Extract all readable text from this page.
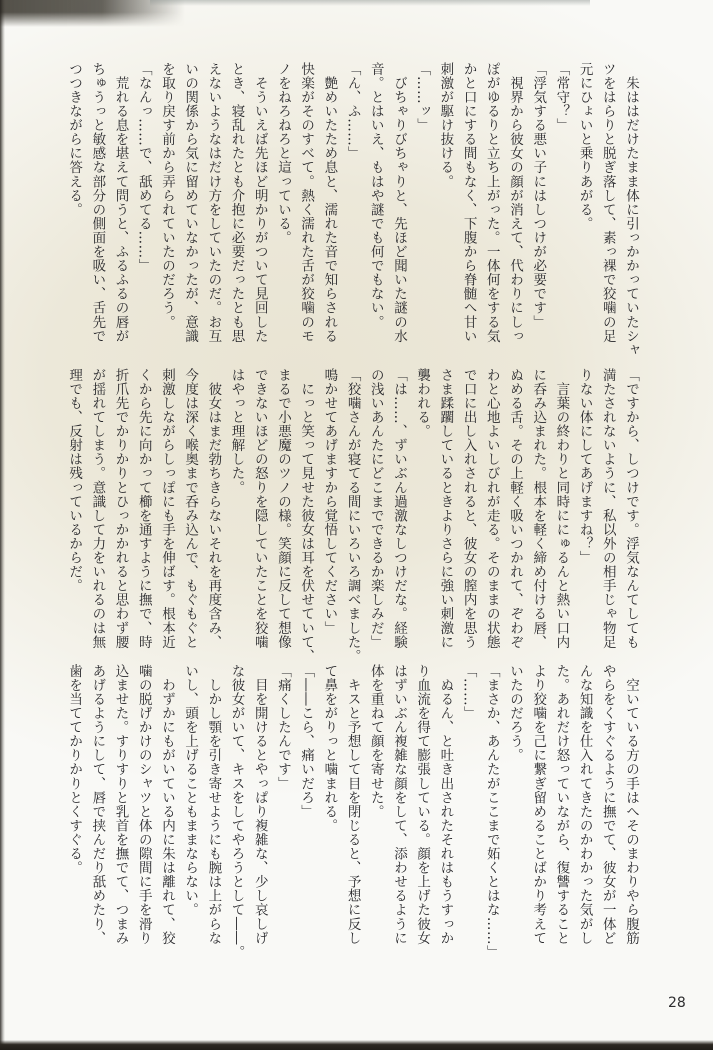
　朱ははだけたまま体に引っかかっていたシャ
ツをはらりと脱ぎ落して、素っ裸で狡噛の足
元にひょいと乗りあがる。
「常守？」
「浮気する悪い子にはしつけが必要です」
　視界から彼女の顔が消えて、代わりにしっ
ぽがゆるりと立ち上がった。一体何をする気
かと口にする間もなく、下腹から脊髄へ甘い
刺激が駆け抜ける。
「……ッ」
　びちゃりびちゃりと、先ほど聞いた謎の水
音。とはいえ、もはや謎でも何でもない。
「ん、ふ……」
　艶めいたため息と、濡れた音で知らされる
快楽がそのすべて。熱く濡れた舌が狡噛のモ
ノをねろねろと這っている。
　そういえば先ほど明かりがついて見回した
とき、寝乱れたとも介抱に必要だったとも思
えないようなはだけ方をしていたのだ。お互
いの関係から気に留めていなかったが、意識
を取り戻す前から弄られていたのだろう。
「なんっ……で、舐めてる……」
　荒れる息を堪えて問うと、ふるふるの唇が
ちゅうっと敏感な部分の側面を吸い、舌先で
つつきながらに答える。
「ですから、しつけです。浮気なんてしても
満たされないように、私以外の相手じゃ物足
りない体にしてあげますね？」
　言葉の終わりと同時ににゅるんと熱い口内
に呑み込まれた。根本を軽く締め付ける唇、
ぬめる舌。その上軽く吸いつかれて、ぞわぞ
わと心地よいしびれが走る。そのままの状態
で口に出し入れされると、彼女の膣内を思う
さま蹂躙しているときよりさらに強い刺激に
襲われる。
「は……、ずいぶん過激なしつけだな。経験
の浅いあんたにどこまでできるか楽しみだ」
「狡噛さんが寝てる間にいろいろ調べました。
鳴かせてあげますから覚悟してください」
　にっと笑って見せた彼女は耳を伏せていて、
まるで小悪魔のツノの様。笑顔に反して想像
できないほどの怒りを隠していたことを狡噛
はやっと理解した。
　彼女はまだ勃ちきらないそれを再度含み、
今度は深く喉奥まで呑み込んで、もぐもぐと
刺激しながらしっぽにも手を伸ばす。根本近
くから先に向かって櫛を通すように撫で、時
折爪先でかりかりとひっかかれると思わず腰
が揺れてしまう。意識して力をいれるのは無
理でも、反射は残っているからだ。
　空いている方の手はへそのまわりやら腹筋
やらをくすぐるように撫でて、彼女が一体ど
んな知識を仕入れてきたのかわかった気がし
た。あれだけ怒っていながら、復讐すること
より狡噛を己に繋ぎ留めることばかり考えて
いたのだろう。
「まさか、あんたがここまで妬くとはな……」
「……」
　ぬるん、と吐き出されたそれはもうすっか
り血流を得て膨張している。顔を上げた彼女
はずいぶん複雑な顔をして、添わせるように
体を重ねて顔を寄せた。
　キスと予想して目を閉じると、予想に反し
て鼻をがりっと噛まれる。
「――こら、痛いだろ」
「痛くしたんです」
　目を開けるとやっぱり複雑な、少し哀しげ
な彼女がいて、キスをしてやろうとして――。
　しかし顎を引き寄せようにも腕は上がらな
いし、頭を上げることもままならない。
　わずかにもがいている内に朱は離れて、狡
噛の脱げかけのシャツと体の隙間に手を滑り
込ませた。すりすりと乳首を撫でて、つまみ
あげるようにして、唇で挟んだり舐めたり、
歯を当ててかりかりとくすぐる。
28
